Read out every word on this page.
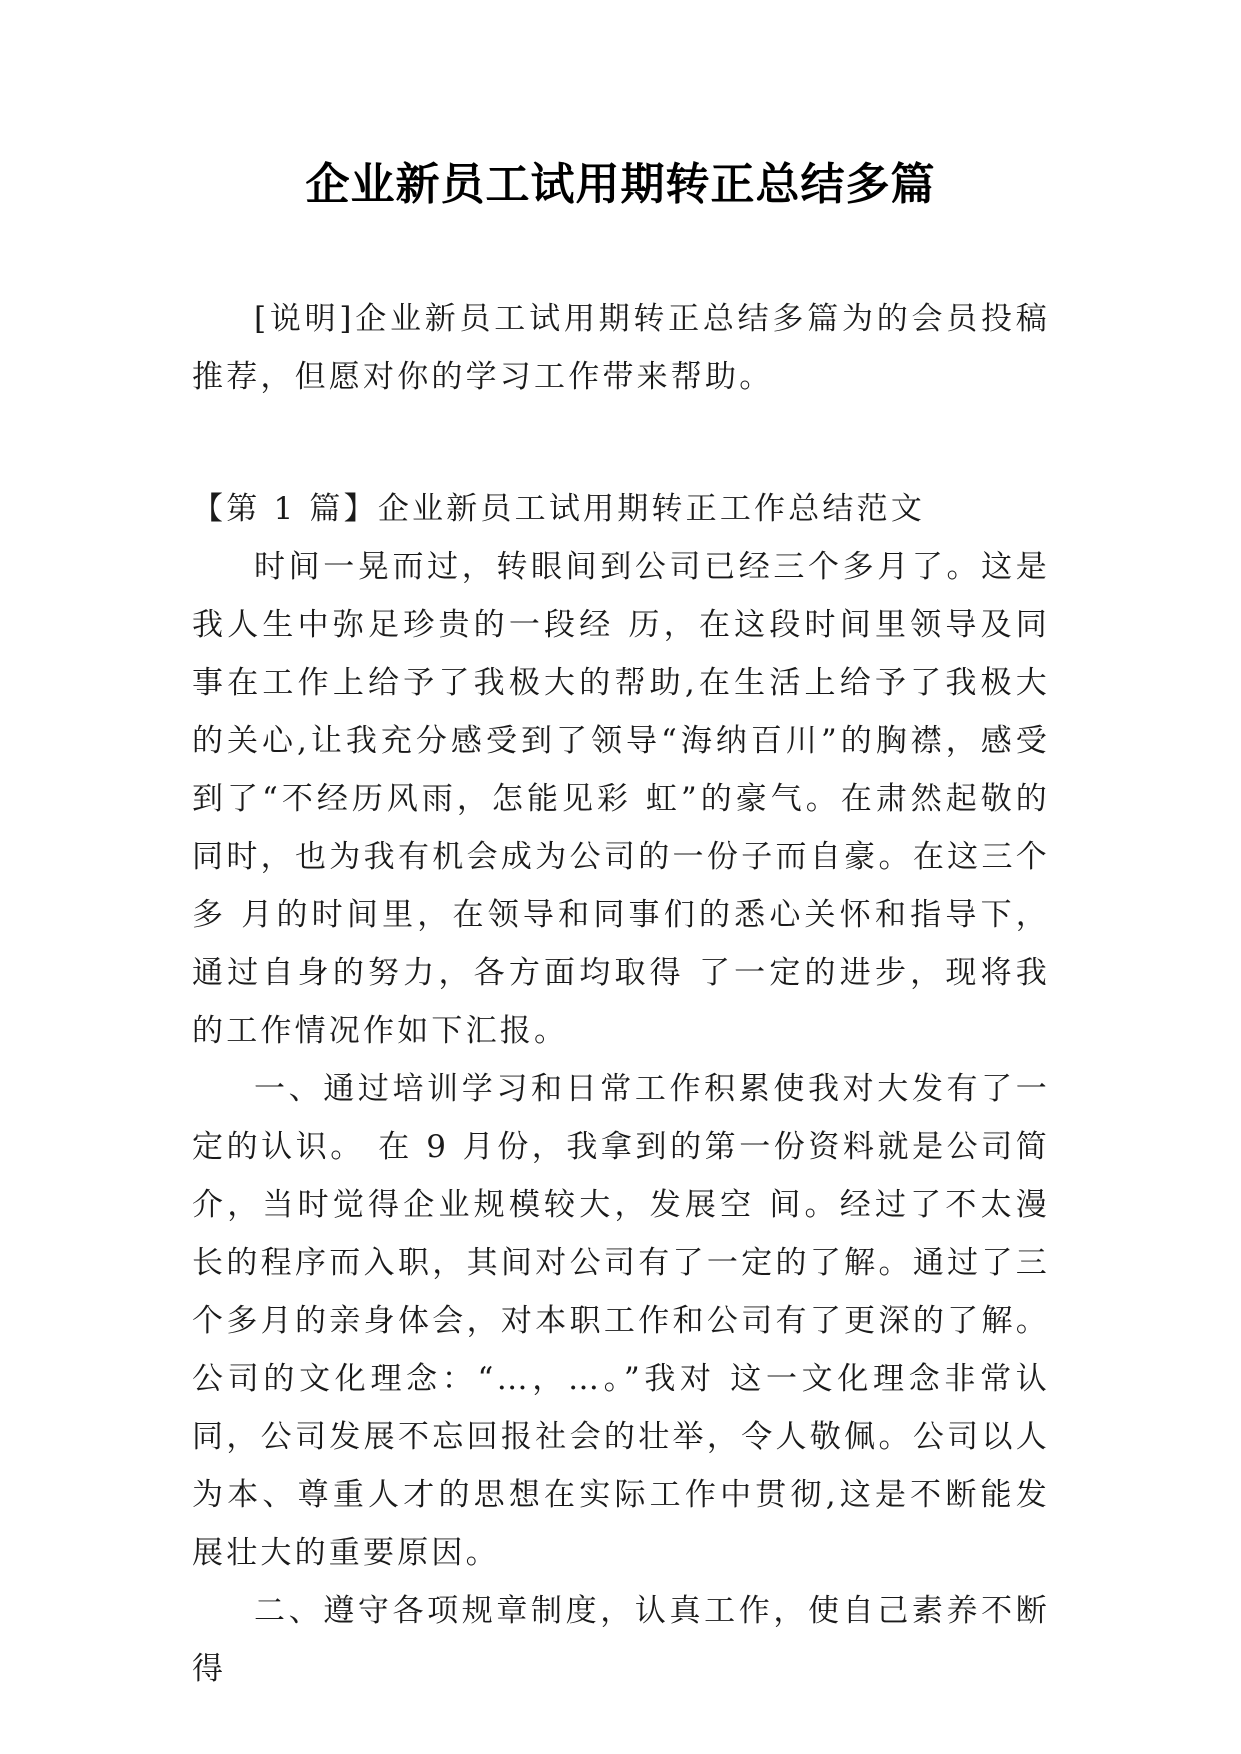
企业新员工试用期转正总结多篇

[说明]企业新员工试用期转正总结多篇为的会员投稿推荐，但愿对你的学习工作带来帮助。

【第 1 篇】企业新员工试用期转正工作总结范文

时间一晃而过，转眼间到公司已经三个多月了。这是我人生中弥足珍贵的一段经 历，在这段时间里领导及同事在工作上给予了我极大的帮助,在生活上给予了我极大的关心,让我充分感受到了领导“海纳百川”的胸襟，感受到了“不经历风雨，怎能见彩 虹”的豪气。在肃然起敬的同时，也为我有机会成为公司的一份子而自豪。在这三个多 月的时间里，在领导和同事们的悉心关怀和指导下，通过自身的努力，各方面均取得 了一定的进步，现将我的工作情况作如下汇报。

一、通过培训学习和日常工作积累使我对大发有了一定的认识。 在 9 月份，我拿到的第一份资料就是公司简介，当时觉得企业规模较大，发展空 间。经过了不太漫长的程序而入职，其间对公司有了一定的了解。通过了三个多月的亲身体会，对本职工作和公司有了更深的了解。公司的文化理念：“…，…。”我对 这一文化理念非常认同，公司发展不忘回报社会的壮举，令人敬佩。公司以人为本、尊重人才的思想在实际工作中贯彻,这是不断能发展壮大的重要原因。

二、遵守各项规章制度，认真工作，使自己素养不断得
